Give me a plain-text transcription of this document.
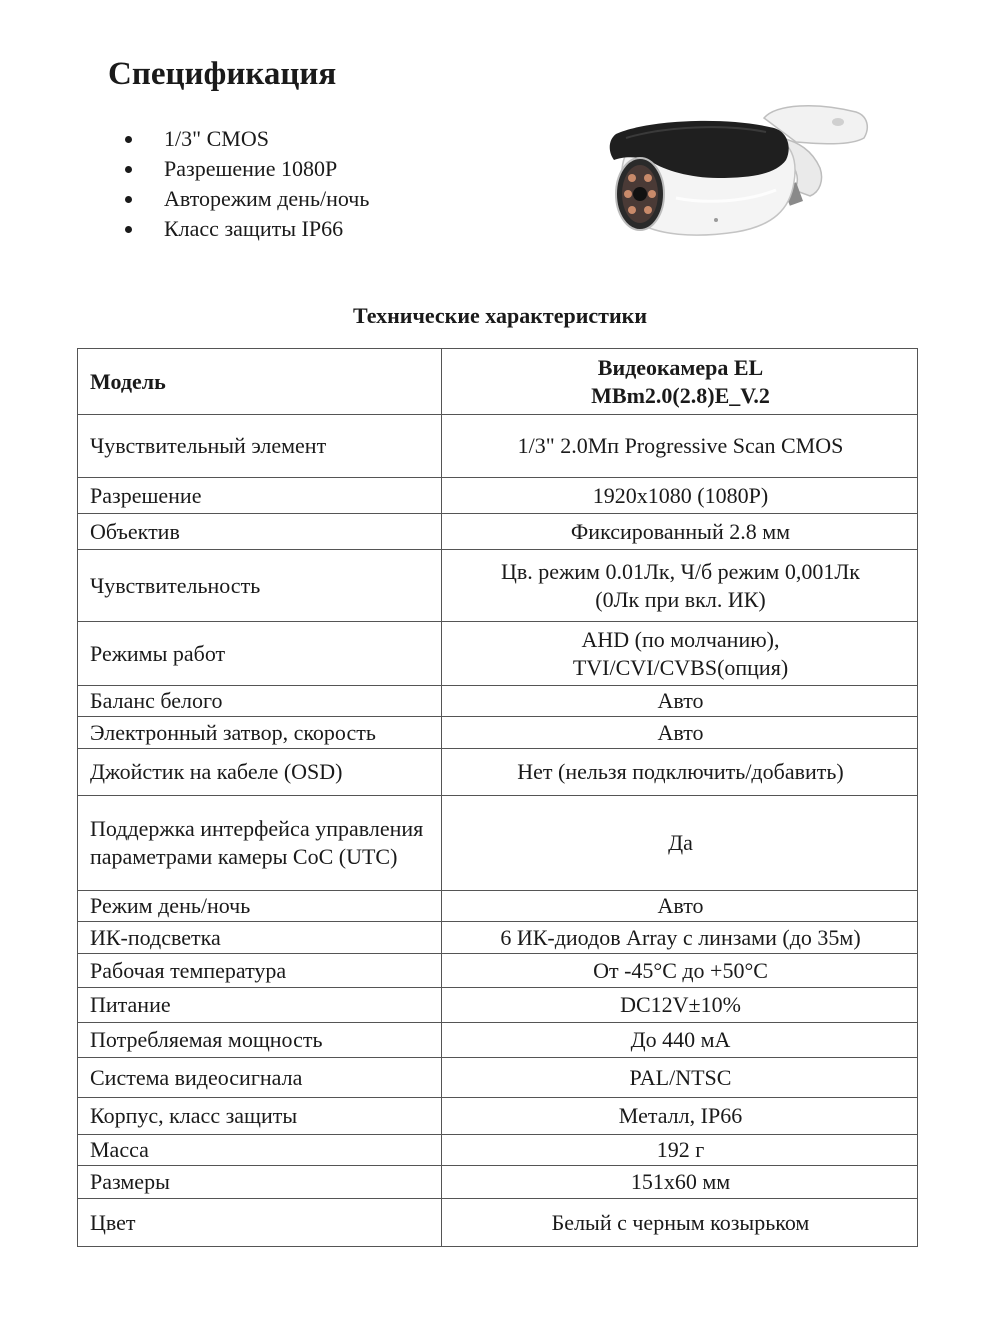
Спецификация
1/3" CMOS
Разрешение 1080P
Авторежим день/ночь
Класс защиты IP66
Технические характеристики
Модель	Видеокамера EL
MBm2.0(2.8)E_V.2
Чувствительный элемент	1/3" 2.0Мп Progressive Scan CMOS
Разрешение	1920x1080 (1080P)
Объектив	Фиксированный 2.8 мм
Чувствительность	Цв. режим 0.01Лк, Ч/б режим 0,001Лк
(0Лк при вкл. ИК)
Режимы работ	AHD (по молчанию),
TVI/CVI/CVBS(опция)
Баланс белого	Авто
Электронный затвор, скорость	Авто
Джойстик на кабеле (OSD)	Нет (нельзя подключить/добавить)
Поддержка интерфейса управления параметрами камеры CoC (UTC)	Да
Режим день/ночь	Авто
ИК-подсветка	6 ИК-диодов Array с линзами (до 35м)
Рабочая температура	От -45°C до +50°C
Питание	DC12V±10%
Потребляемая мощность	До 440 мА
Система видеосигнала	PAL/NTSC
Корпус, класс защиты	Металл, IP66
Масса	192 г
Размеры	151x60 мм
Цвет	Белый с черным козырьком
